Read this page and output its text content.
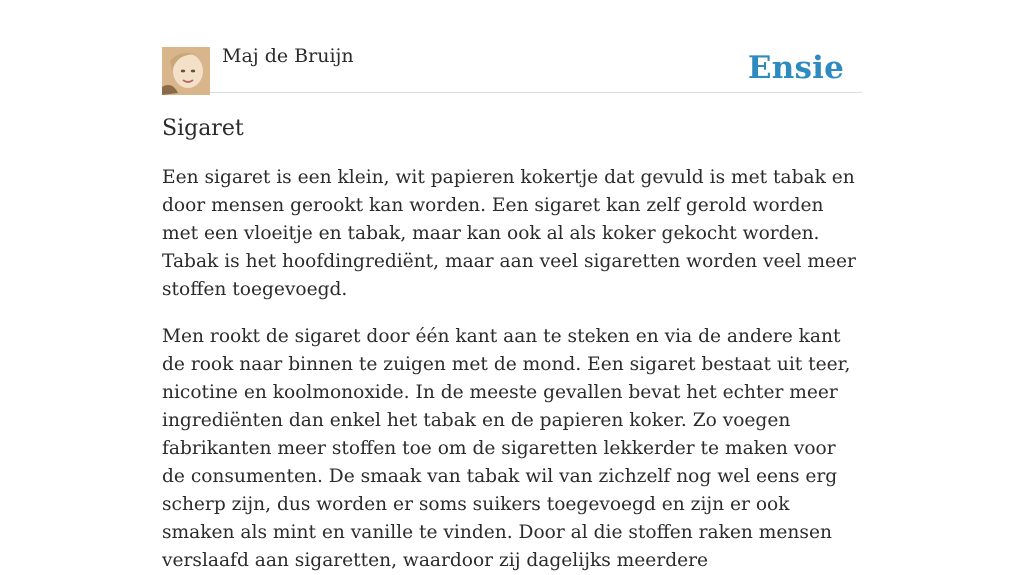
Maj de Bruijn	Ensie
Sigaret

Een sigaret is een klein, wit papieren kokertje dat gevuld is met tabak en door mensen gerookt kan worden. Een sigaret kan zelf gerold worden met een vloeitje en tabak, maar kan ook al als koker gekocht worden. Tabak is het hoofdingrediënt, maar aan veel sigaretten worden veel meer stoffen toegevoegd.

Men rookt de sigaret door één kant aan te steken en via de andere kant de rook naar binnen te zuigen met de mond. Een sigaret bestaat uit teer, nicotine en koolmonoxide. In de meeste gevallen bevat het echter meer ingrediënten dan enkel het tabak en de papieren koker. Zo voegen fabrikanten meer stoffen toe om de sigaretten lekkerder te maken voor de consumenten. De smaak van tabak wil van zichzelf nog wel eens erg scherp zijn, dus worden er soms suikers toegevoegd en zijn er ook smaken als mint en vanille te vinden. Door al die stoffen raken mensen verslaafd aan sigaretten, waardoor zij dagelijks meerdere
